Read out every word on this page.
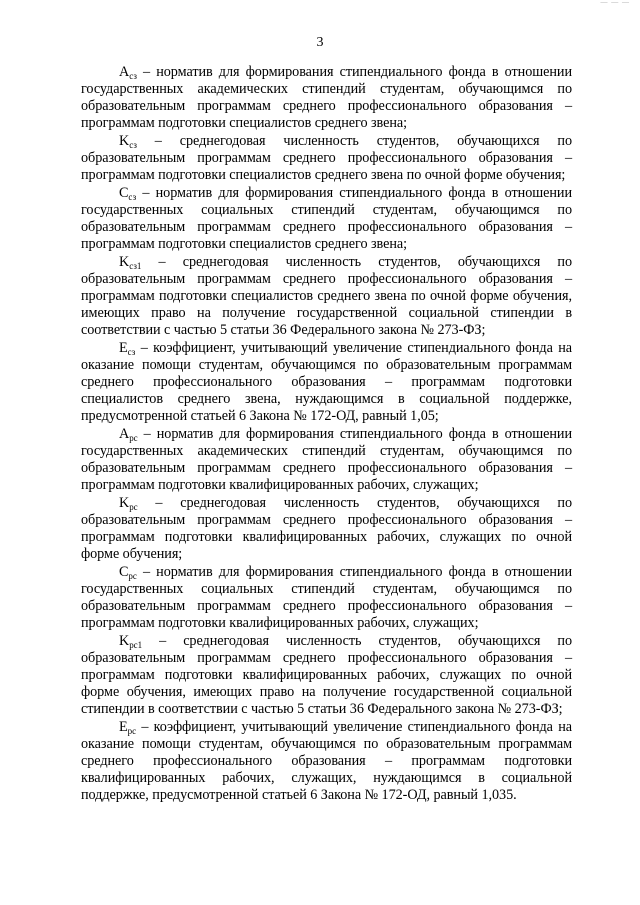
— — —
3

$A_{сз}$ – норматив для формирования стипендиального фонда в отношении государственных академических стипендий студентам, обучающимся по образовательным программам среднего профессионального образования – программам подготовки специалистов среднего звена;

$K_{сз}$ – среднегодовая численность студентов, обучающихся по образовательным программам среднего профессионального образования – программам подготовки специалистов среднего звена по очной форме обучения;

$C_{сз}$ – норматив для формирования стипендиального фонда в отношении государственных социальных стипендий студентам, обучающимся по образовательным программам среднего профессионального образования – программам подготовки специалистов среднего звена;

$K_{сз1}$ – среднегодовая численность студентов, обучающихся по образовательным программам среднего профессионального образования – программам подготовки специалистов среднего звена по очной форме обучения, имеющих право на получение государственной социальной стипендии в соответствии с частью 5 статьи 36 Федерального закона № 273-ФЗ;

$E_{сз}$ – коэффициент, учитывающий увеличение стипендиального фонда на оказание помощи студентам, обучающимся по образовательным программам среднего профессионального образования – программам подготовки специалистов среднего звена, нуждающимся в социальной поддержке, предусмотренной статьей 6 Закона № 172-ОД, равный 1,05;

$A_{рс}$ – норматив для формирования стипендиального фонда в отношении государственных академических стипендий студентам, обучающимся по образовательным программам среднего профессионального образования – программам подготовки квалифицированных рабочих, служащих;

$K_{рс}$ – среднегодовая численность студентов, обучающихся по образовательным программам среднего профессионального образования – программам подготовки квалифицированных рабочих, служащих по очной форме обучения;

$C_{рс}$ – норматив для формирования стипендиального фонда в отношении государственных социальных стипендий студентам, обучающимся по образовательным программам среднего профессионального образования – программам подготовки квалифицированных рабочих, служащих;

$K_{рс1}$ – среднегодовая численность студентов, обучающихся по образовательным программам среднего профессионального образования – программам подготовки квалифицированных рабочих, служащих по очной форме обучения, имеющих право на получение государственной социальной стипендии в соответствии с частью 5 статьи 36 Федерального закона № 273-ФЗ;

$E_{рс}$ – коэффициент, учитывающий увеличение стипендиального фонда на оказание помощи студентам, обучающимся по образовательным программам среднего профессионального образования – программам подготовки квалифицированных рабочих, служащих, нуждающимся в социальной поддержке, предусмотренной статьей 6 Закона № 172-ОД, равный 1,035.
